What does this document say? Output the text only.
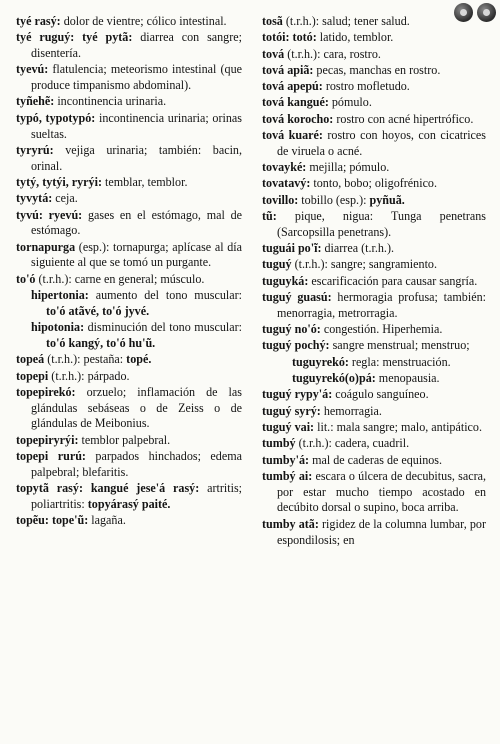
tyé rasý: dolor de vientre; cólico intestinal.

tyé ruguý: tyé pytã: diarrea con sangre; disentería.

tyevú: flatulencia; meteorismo intestinal (que produce timpanismo abdominal).

tyñehẽ: incontinencia urinaria.

typó, typotypó: incontinencia urinaria; orinas sueltas.

tyryrú: vejiga urinaria; también: bacin, orinal.

tytý, tytýi, ryrýi: temblar, temblor.

tyvytá: ceja.

tyvú: ryevú: gases en el estómago, mal de estómago.

tornapurga (esp.): tornapurga; aplícase al día siguiente al que se tomó un purgante.

to'ó (t.r.h.): carne en general; músculo.

hipertonia: aumento del tono muscular: to'ó atãvé, to'ó jyvé.

hipotonia: disminución del tono muscular: to'ó kangý, to'ó hu'ũ.

topeá (t.r.h.): pestaña: topé.

topepi (t.r.h.): párpado.

topepirekó: orzuelo; inflamación de las glándulas sebáseas o de Zeiss o de glándulas de Meibonius.

topepiryrýi: temblor palpebral.

topepi rurú: parpados hinchados; edema palpebral; blefaritis.

topytã rasý: kangué jese'á rasý: artritis; poliartritis: topyárasý paité.

topẽu: tope'ũ: lagaña.

tosã (t.r.h.): salud; tener salud.

totói: totó: latido, temblor.

tová (t.r.h.): cara, rostro.

tová apiã: pecas, manchas en rostro.

tová apepú: rostro mofletudo.

tová kangué: pómulo.

tová korocho: rostro con acné hipertrófico.

tová kuaré: rostro con hoyos, con cicatrices de viruela o acné.

tovayké: mejilla; pómulo.

tovatavý: tonto, bobo; oligofrénico.

tovillo: tobillo (esp.): pyñuã.

tũ: pique, nigua: Tunga penetrans (Sarcopsilla penetrans).

tuguái po'ĩ: diarrea (t.r.h.).

tuguý (t.r.h.): sangre; sangramiento.

tuguyká: escarificación para causar sangría.

tuguý guasú: hermoragia profusa; también: menorragia, metrorragia.

tuguý no'ó: congestión. Hiperhemia.

tuguý pochý: sangre menstrual; menstruo;

tuguyrekó: regla: menstruación.

tuguyrekó(o)pá: menopausia.

tuguý rypy'á: coágulo sanguíneo.

tuguý syrý: hemorragia.

tuguý vai: lit.: mala sangre; malo, antipático.

tumbý (t.r.h.): cadera, cuadril.

tumby'á: mal de caderas de equinos.

tumbý ai: escara o úlcera de decubitus, sacra, por estar mucho tiempo acostado en decúbito dorsal o supino, boca arriba.

tumby atã: rigidez de la columna lumbar, por espondilosis; en
